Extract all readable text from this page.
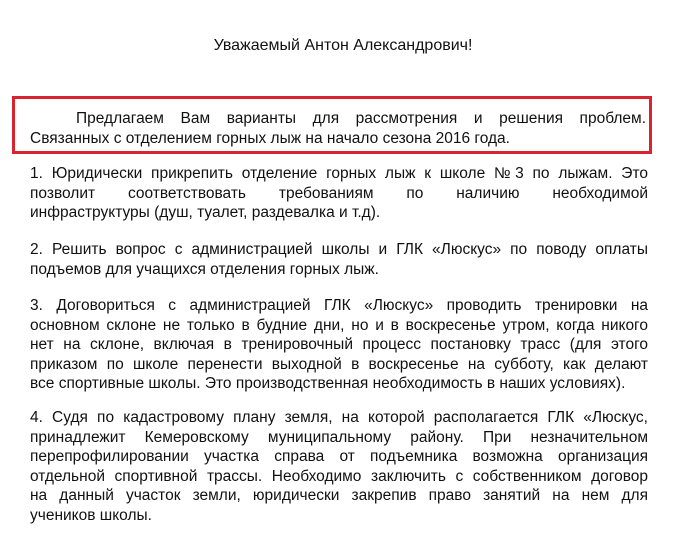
Уважаемый Антон Александрович!

Предлагаем Вам варианты для рассмотрения и решения проблем.
Связанных с отделением горных лыж на начало сезона 2016 года.

1. Юридически прикрепить отделение горных лыж к школе №3 по лыжам. Это
позволит соответствовать требованиям по наличию необходимой
инфраструктуры (душ, туалет, раздевалка и т.д).

2. Решить вопрос с администрацией школы и ГЛК «Люскус» по поводу оплаты
подъемов для учащихся отделения горных лыж.

3. Договориться с администрацией ГЛК «Люскус» проводить тренировки на
основном склоне не только в будние дни, но и в воскресенье утром, когда никого
нет на склоне, включая в тренировочный процесс постановку трасс (для этого
приказом по школе перенести выходной в воскресенье на субботу, как делают
все спортивные школы. Это производственная необходимость в наших условиях).

4. Судя по кадастровому плану земля, на которой располагается ГЛК «Люскус,
принадлежит Кемеровскому муниципальному району. При незначительном
перепрофилировании участка справа от подъемника возможна организация
отдельной спортивной трассы. Необходимо заключить с собственником договор
на данный участок земли, юридически закрепив право занятий на нем для
учеников школы.
